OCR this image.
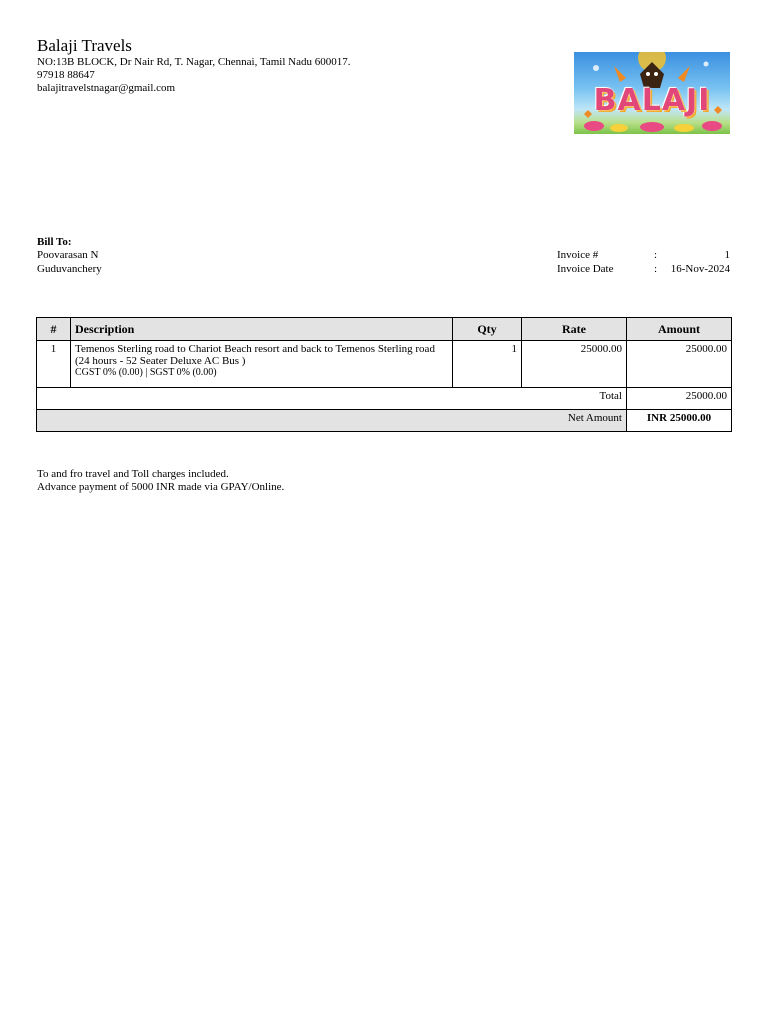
Balaji Travels
NO:13B BLOCK, Dr Nair Rd, T. Nagar, Chennai, Tamil Nadu 600017.
97918 88647
balajitravelstnagar@gmail.com	BALAJI
Bill To:
Poovarasan N
Guduvanchery
Invoice #	:	1
Invoice Date	: 16-Nov-2024
#	Description	Qty	Rate	Amount
1	Temenos Sterling road to Chariot Beach resort and back to Temenos Sterling road (24 hours - 52 Seater Deluxe AC Bus )
CGST 0% (0.00) | SGST 0% (0.00)	1	25000.00	25000.00
Total				25000.00
Net Amount				INR 25000.00
To and fro travel and Toll charges included.
Advance payment of 5000 INR made via GPAY/Online.
